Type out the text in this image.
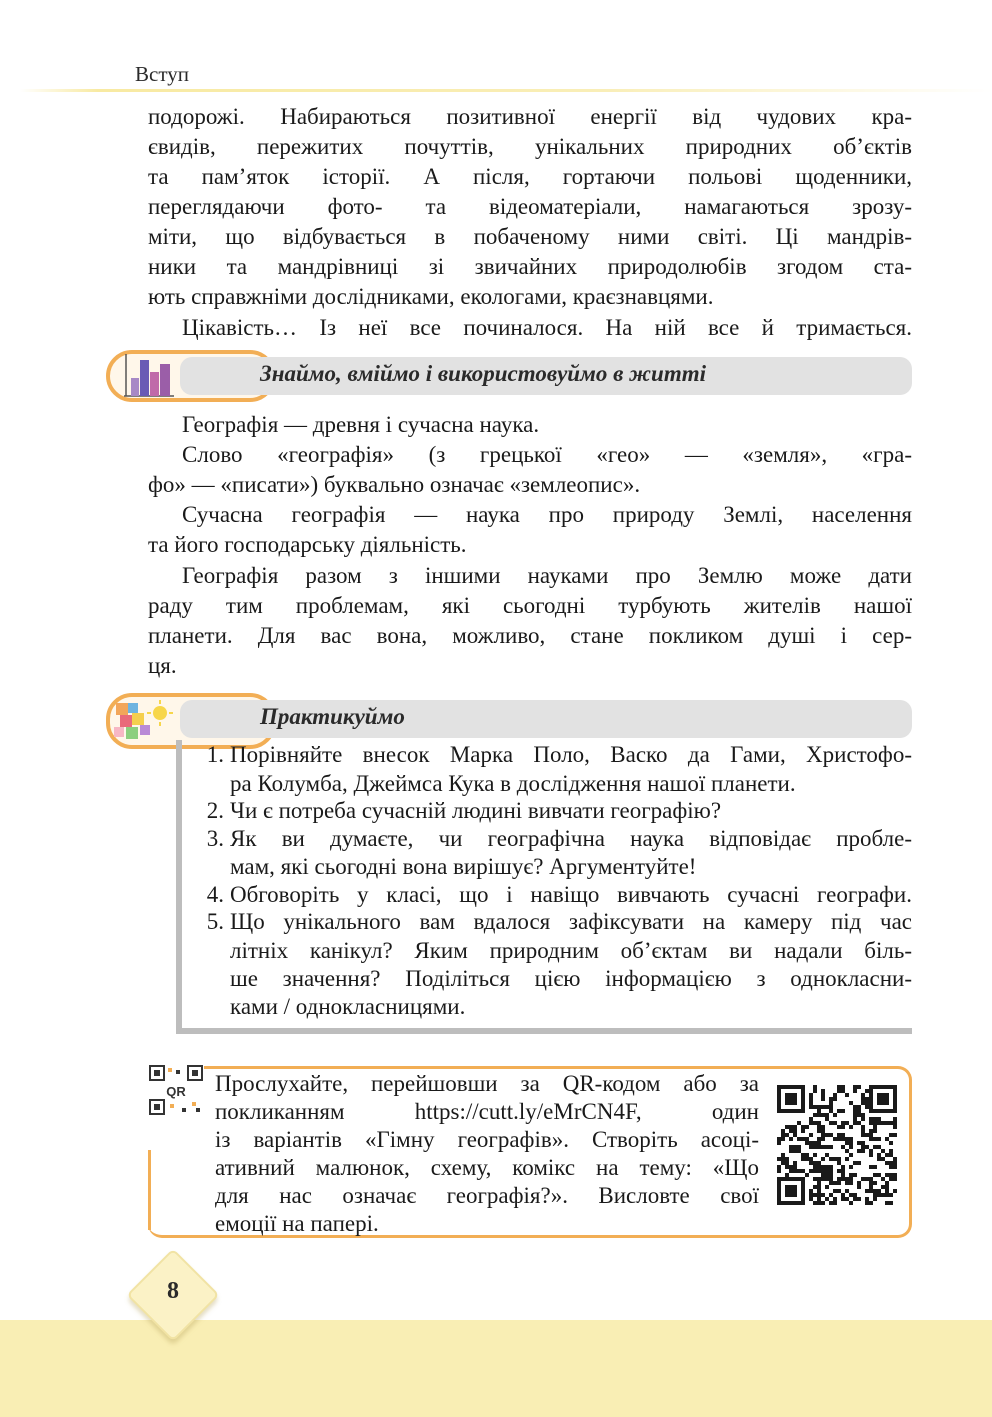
Вступ
подорожі. Набираються позитивної енергії від чудових кра-
євидів, пережитих почуттів, унікальних природних об’єктів
та пам’яток історії. А після, гортаючи польові щоденники,
переглядаючи фото- та відеоматеріали, намагаються зрозу-
міти, що відбувається в побаченому ними світі. Ці мандрів-
ники та мандрівниці зі звичайних природолюбів згодом ста-
ють справжніми дослідниками, екологами, краєзнавцями.
Цікавість… Із неї все починалося. На ній все й тримається.
Знаймо, вміймо і використовуймо в житті
Географія — древня і сучасна наука.
Слово «географія» (з грецької «гео» — «земля», «гра-
фо» — «писати») буквально означає «землеопис».
Сучасна географія — наука про природу Землі, населення
та його господарську діяльність.
Географія разом з іншими науками про Землю може дати
раду тим проблемам, які сьогодні турбують жителів нашої
планети. Для вас вона, можливо, стане покликом душі і сер-
ця.
Практикуймо
1. Порівняйте внесок Марка Поло, Васко да Гами, Христофо-
ра Колумба, Джеймса Кука в дослідження нашої планети.
2. Чи є потреба сучасній людині вивчати географію?
3. Як ви думаєте, чи географічна наука відповідає пробле-
мам, які сьогодні вона вирішує? Аргументуйте!
4. Обговоріть у класі, що і навіщо вивчають сучасні географи.
5. Що унікального вам вдалося зафіксувати на камеру під час
літніх канікул? Яким природним об’єктам ви надали біль-
ше значення? Поділіться цією інформацією з однокласни-
ками / однокласницями.
QR Прослухайте, перейшовши за QR-кодом або за
покликанням https://cutt.ly/eMrCN4F, один
із варіантів «Гімну географів». Створіть асоці-
ативний малюнок, схему, комікс на тему: «Що
для нас означає географія?». Висловте свої
емоції на папері.
8
